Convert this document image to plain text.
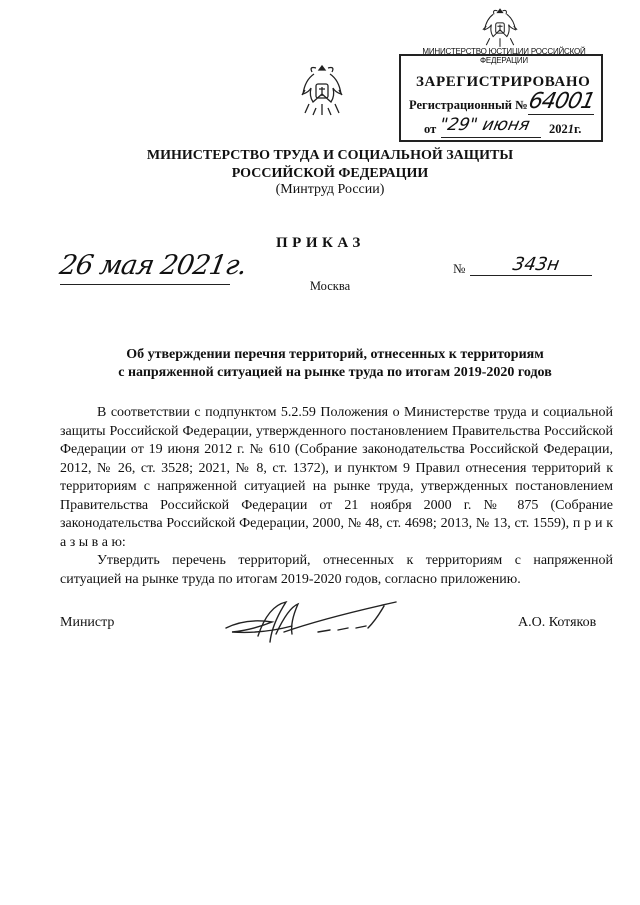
МИНИСТЕРСТВО ЮСТИЦИИ РОССИЙСКОЙ ФЕДЕРАЦИИ
ЗАРЕГИСТРИРОВАНО
Регистрационный №
64001
от "29" июня 2021г.
МИНИСТЕРСТВО ТРУДА И СОЦИАЛЬНОЙ ЗАЩИТЫ
РОССИЙСКОЙ ФЕДЕРАЦИИ
(Минтруд России)
ПРИКАЗ
26 мая 2021г.	№	343н
Москва
Об утверждении перечня территорий, отнесенных к территориям
с напряженной ситуацией на рынке труда по итогам 2019-2020 годов

В соответствии с подпунктом 5.2.59 Положения о Министерстве труда и социальной защиты Российской Федерации, утвержденного постановлением Правительства Российской Федерации от 19 июня 2012 г. № 610 (Собрание законодательства Российской Федерации, 2012, № 26, ст. 3528; 2021, № 8, ст. 1372), и пунктом 9 Правил отнесения территорий к территориям с напряженной ситуацией на рынке труда, утвержденных постановлением Правительства Российской Федерации от 21 ноября 2000 г. № 875 (Собрание законодательства Российской Федерации, 2000, № 48, ст. 4698; 2013, № 13, ст. 1559), п р и к а з ы в а ю:

Утвердить перечень территорий, отнесенных к территориям с напряженной ситуацией на рынке труда по итогам 2019-2020 годов, согласно приложению.

Министр	А.О. Котяков
